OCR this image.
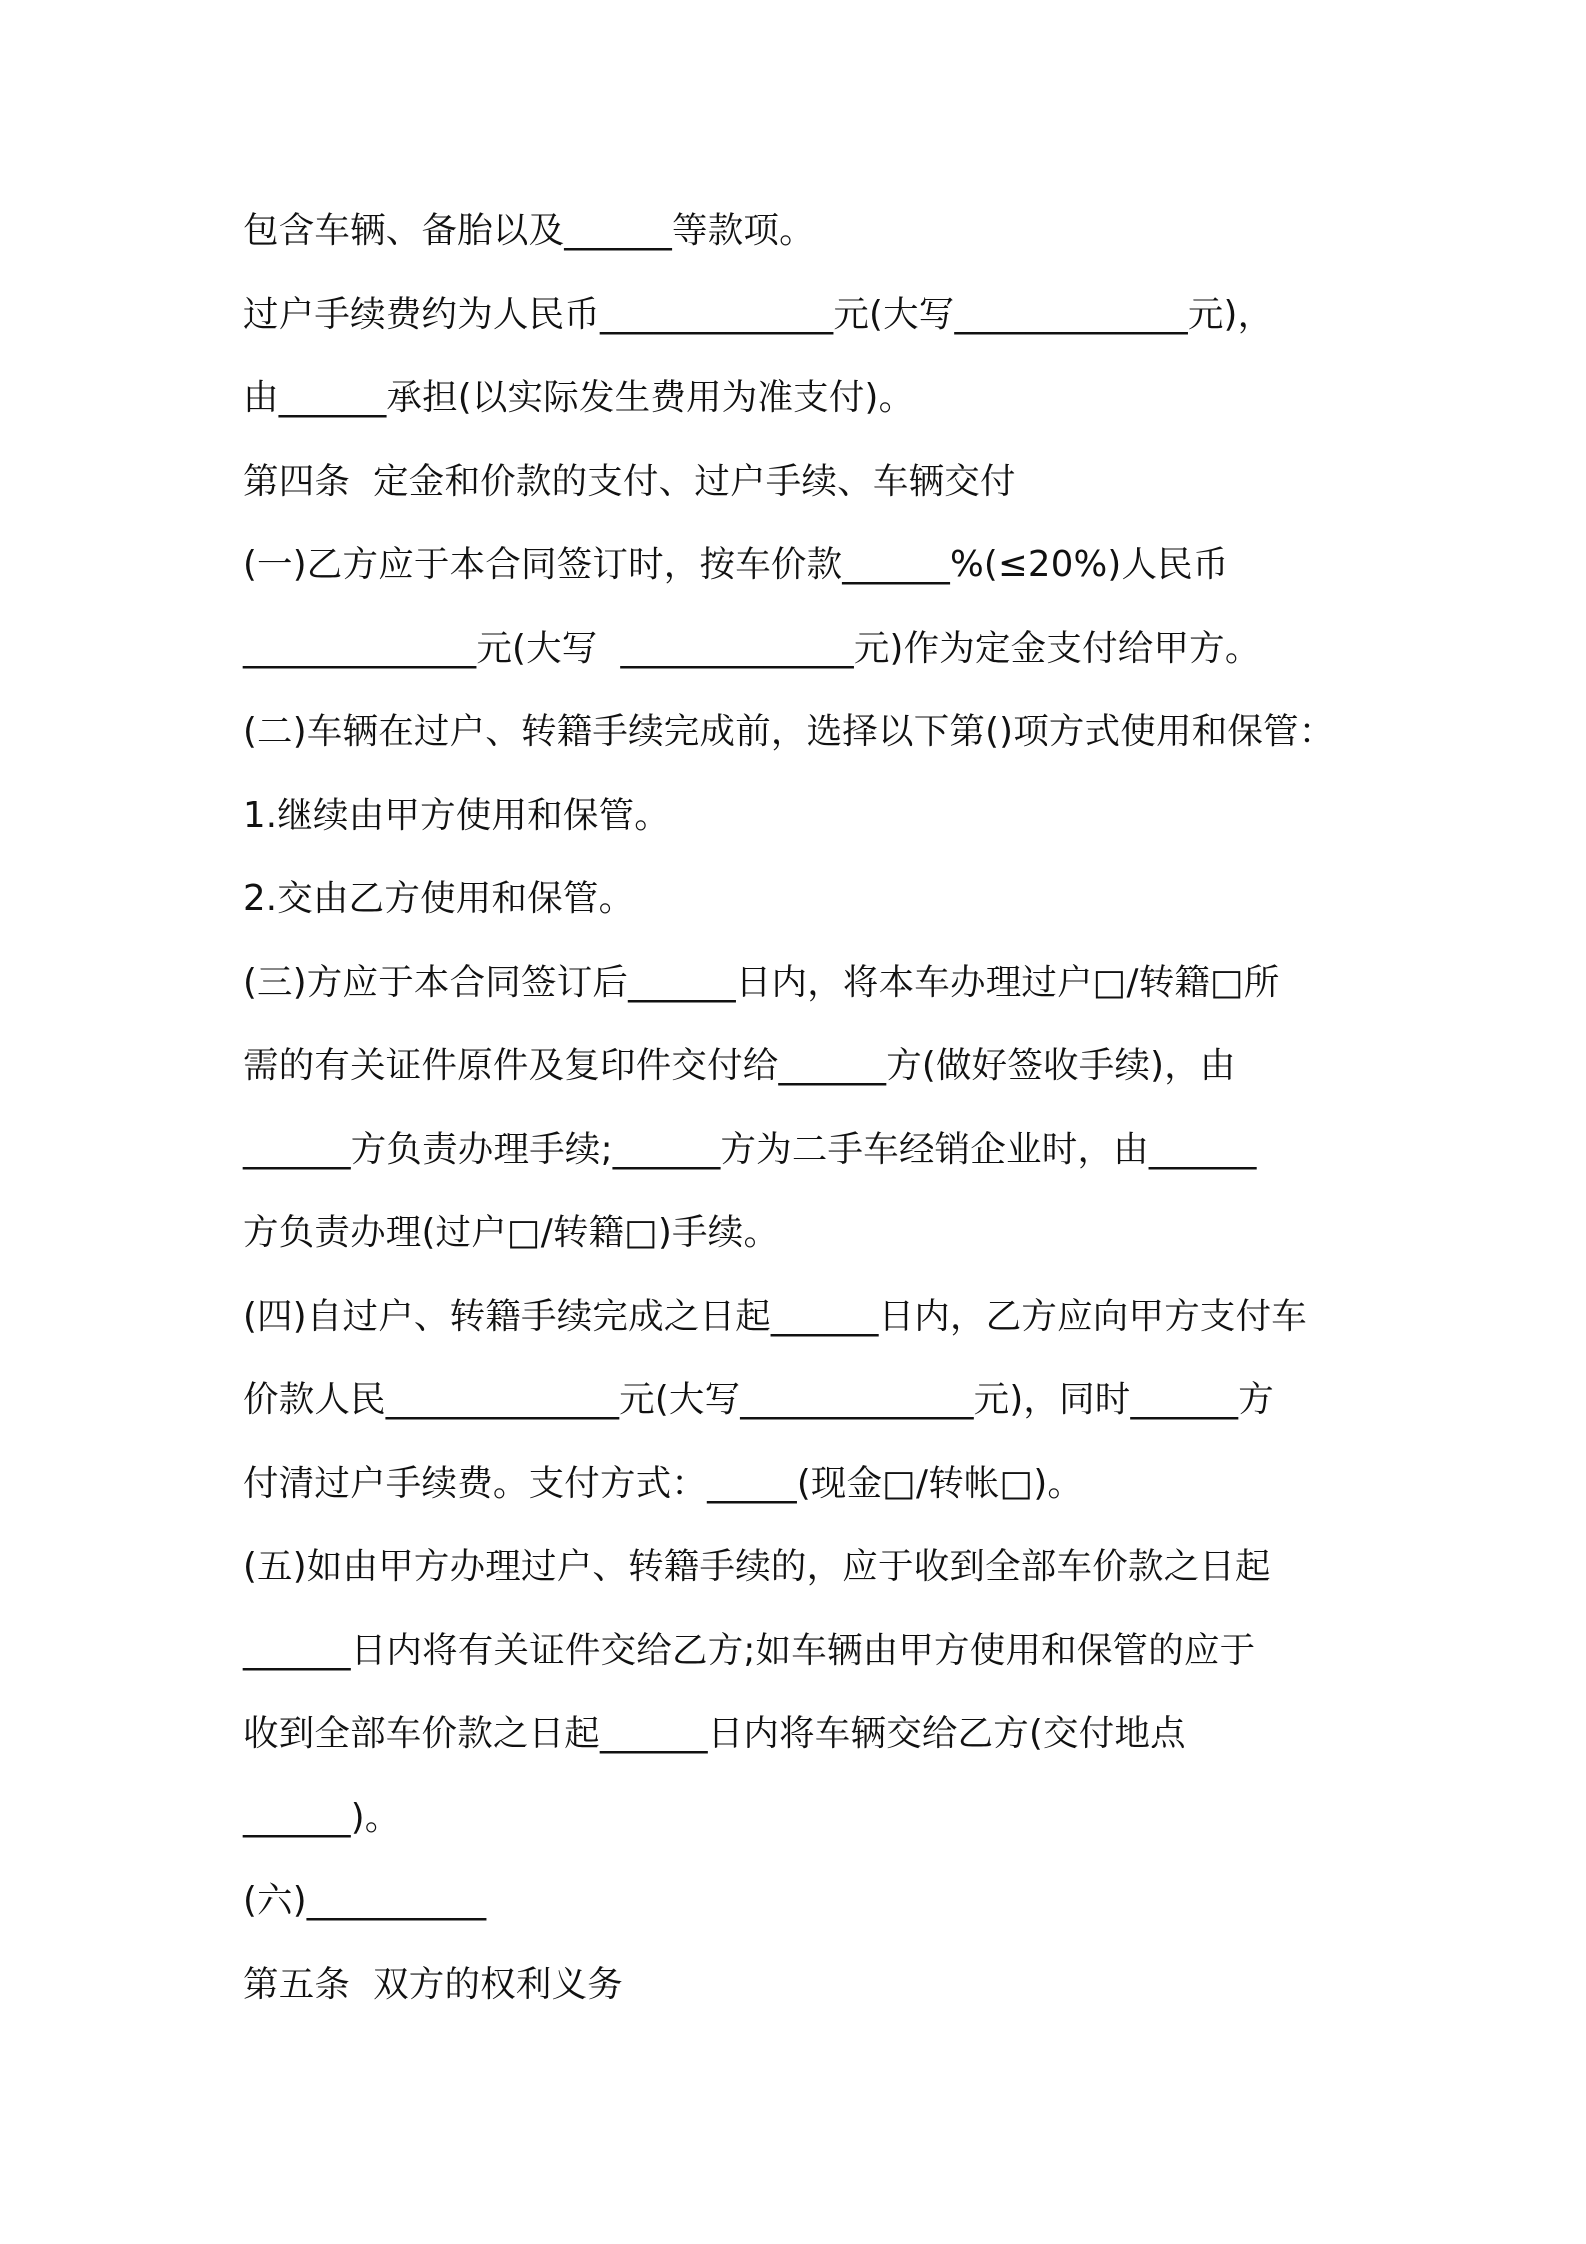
包含车辆、备胎以及______等款项。

过户手续费约为人民币_____________元(大写_____________元)，

由______承担(以实际发生费用为准支付)。

第四条  定金和价款的支付、过户手续、车辆交付

(一)乙方应于本合同签订时，按车价款______%(≤20%)人民币

_____________元(大写  _____________元)作为定金支付给甲方。

(二)车辆在过户、转籍手续完成前，选择以下第()项方式使用和保管：

1.继续由甲方使用和保管。

2.交由乙方使用和保管。

(三)方应于本合同签订后______日内，将本车办理过户□/转籍□所

需的有关证件原件及复印件交付给______方(做好签收手续)，由

______方负责办理手续;______方为二手车经销企业时，由______

方负责办理(过户□/转籍□)手续。

(四)自过户、转籍手续完成之日起______日内，乙方应向甲方支付车

价款人民_____________元(大写_____________元)，同时______方

付清过户手续费。支付方式：_____(现金□/转帐□)。

(五)如由甲方办理过户、转籍手续的，应于收到全部车价款之日起

______日内将有关证件交给乙方;如车辆由甲方使用和保管的应于

收到全部车价款之日起______日内将车辆交给乙方(交付地点

______)。

(六)__________

第五条  双方的权利义务
